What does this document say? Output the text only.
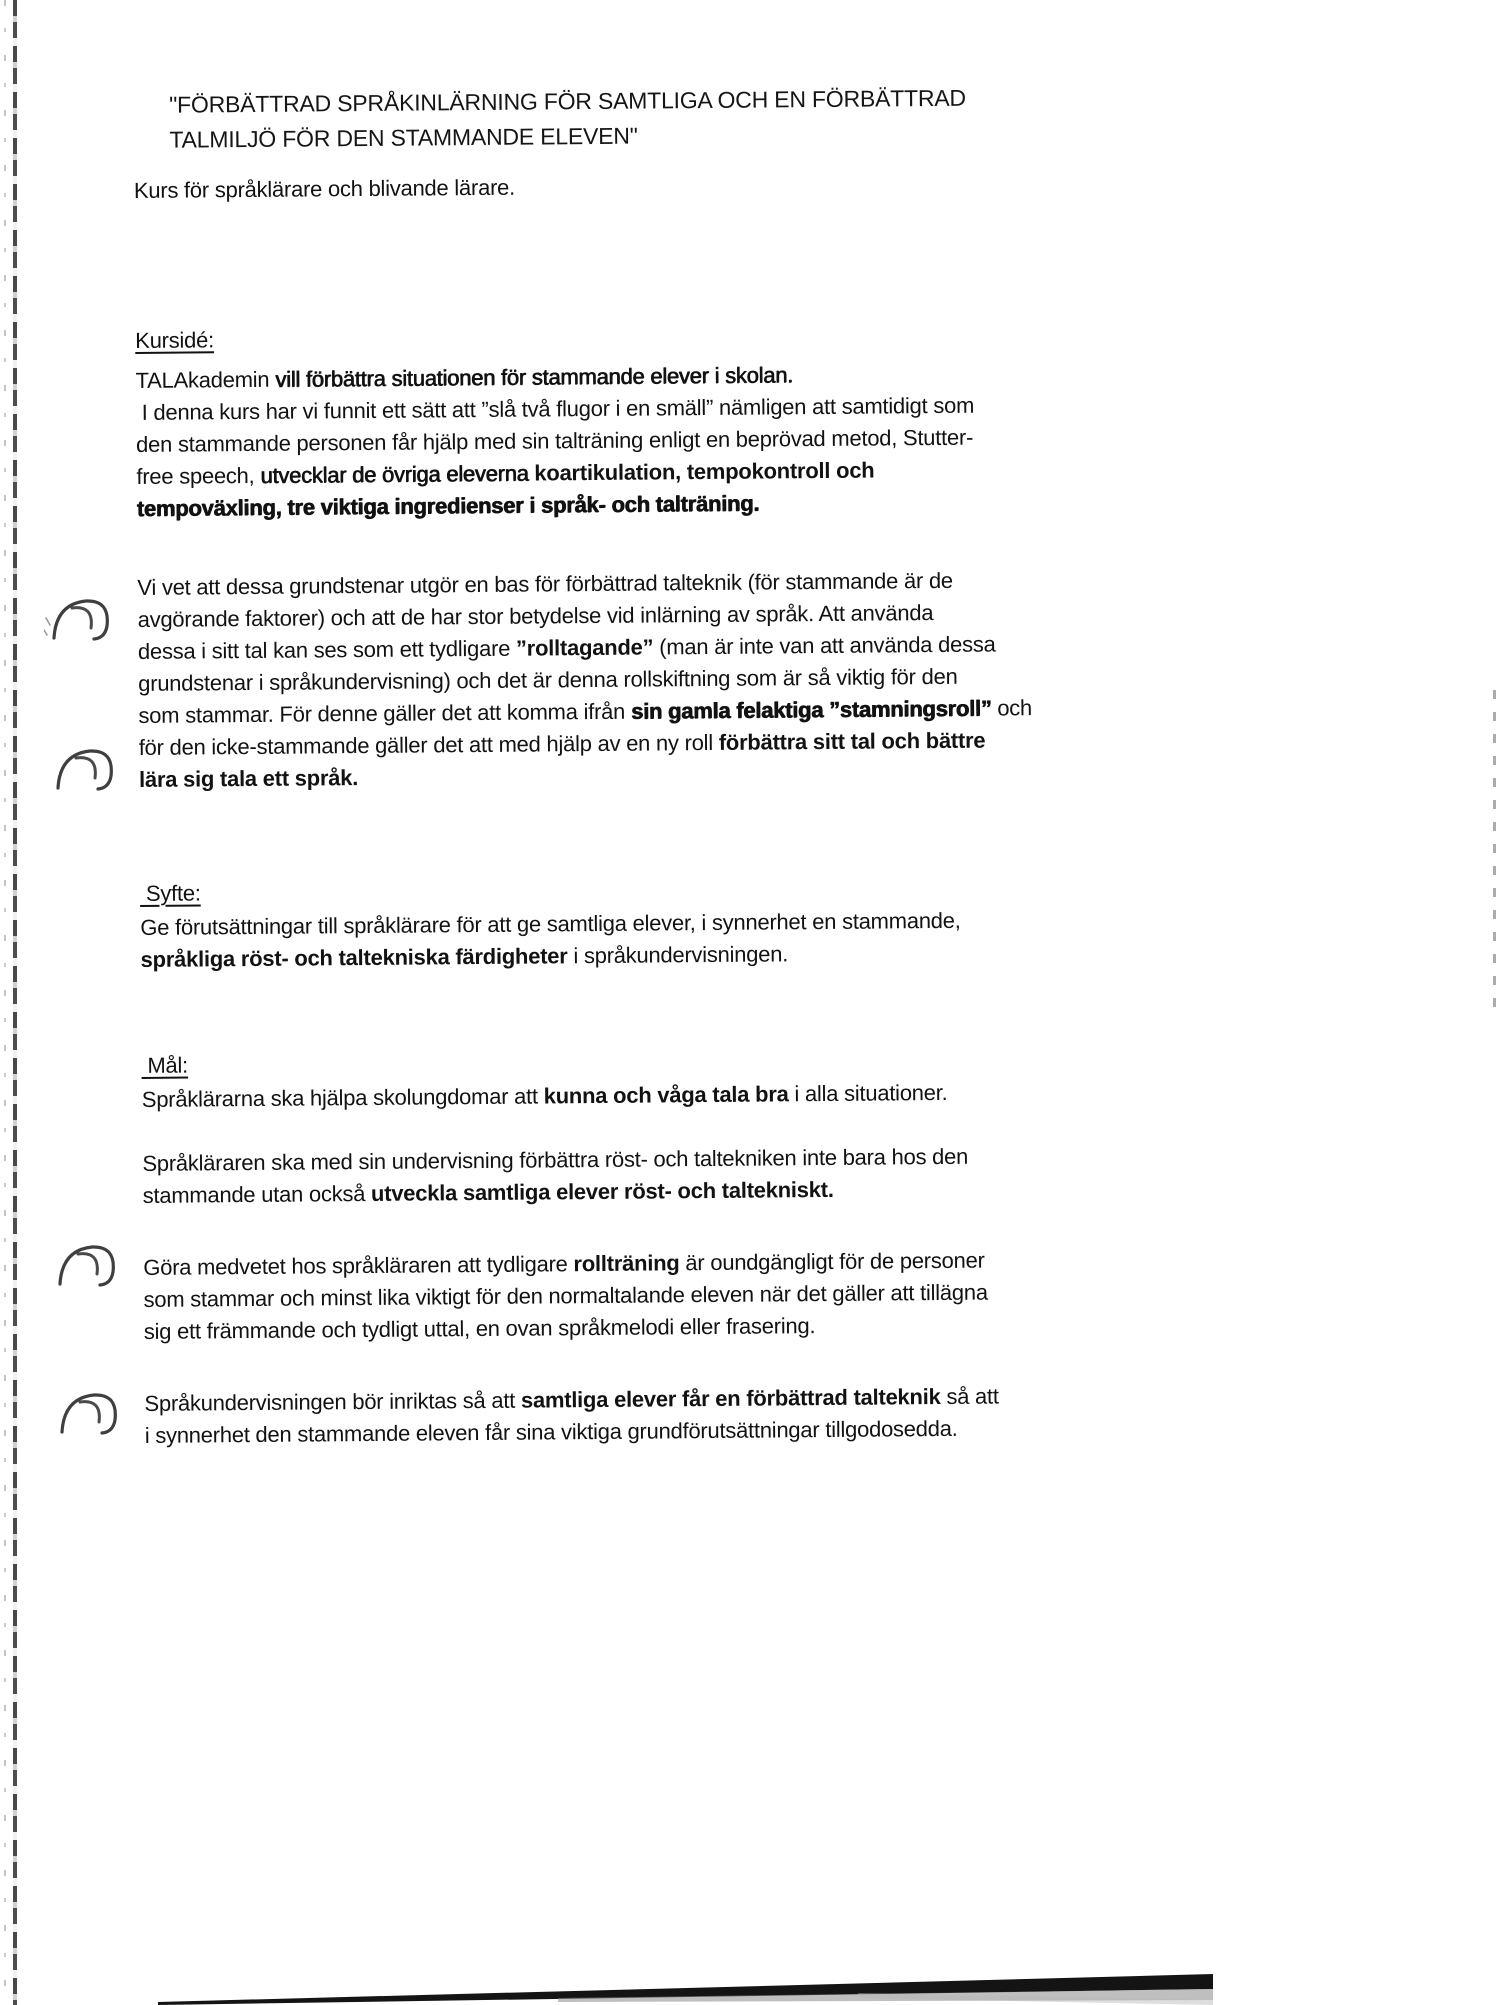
"FÖRBÄTTRAD SPRÅKINLÄRNING FÖR SAMTLIGA OCH EN FÖRBÄTTRAD
TALMILJÖ FÖR DEN STAMMANDE ELEVEN"
Kurs för språklärare och blivande lärare.
Kursidé:
TALAkademin vill förbättra situationen för stammande elever i skolan.
I denna kurs har vi funnit ett sätt att ”slå två flugor i en smäll” nämligen att samtidigt som
den stammande personen får hjälp med sin talträning enligt en beprövad metod, Stutter-
free speech, utvecklar de övriga eleverna koartikulation, tempokontroll och
tempoväxling, tre viktiga ingredienser i språk- och talträning.
Vi vet att dessa grundstenar utgör en bas för förbättrad talteknik (för stammande är de
avgörande faktorer) och att de har stor betydelse vid inlärning av språk. Att använda
dessa i sitt tal kan ses som ett tydligare ”rolltagande” (man är inte van att använda dessa
grundstenar i språkundervisning) och det är denna rollskiftning som är så viktig för den
som stammar. För denne gäller det att komma ifrån sin gamla felaktiga ”stamningsroll” och
för den icke-stammande gäller det att med hjälp av en ny roll förbättra sitt tal och bättre
lära sig tala ett språk.
Syfte:
Ge förutsättningar till språklärare för att ge samtliga elever, i synnerhet en stammande,
språkliga röst- och taltekniska färdigheter i språkundervisningen.
Mål:
Språklärarna ska hjälpa skolungdomar att kunna och våga tala bra i alla situationer.
Språkläraren ska med sin undervisning förbättra röst- och taltekniken inte bara hos den
stammande utan också utveckla samtliga elever röst- och taltekniskt.
Göra medvetet hos språkläraren att tydligare rollträning är oundgängligt för de personer
som stammar och minst lika viktigt för den normaltalande eleven när det gäller att tillägna
sig ett främmande och tydligt uttal, en ovan språkmelodi eller frasering.
Språkundervisningen bör inriktas så att samtliga elever får en förbättrad talteknik så att
i synnerhet den stammande eleven får sina viktiga grundförutsättningar tillgodosedda.
